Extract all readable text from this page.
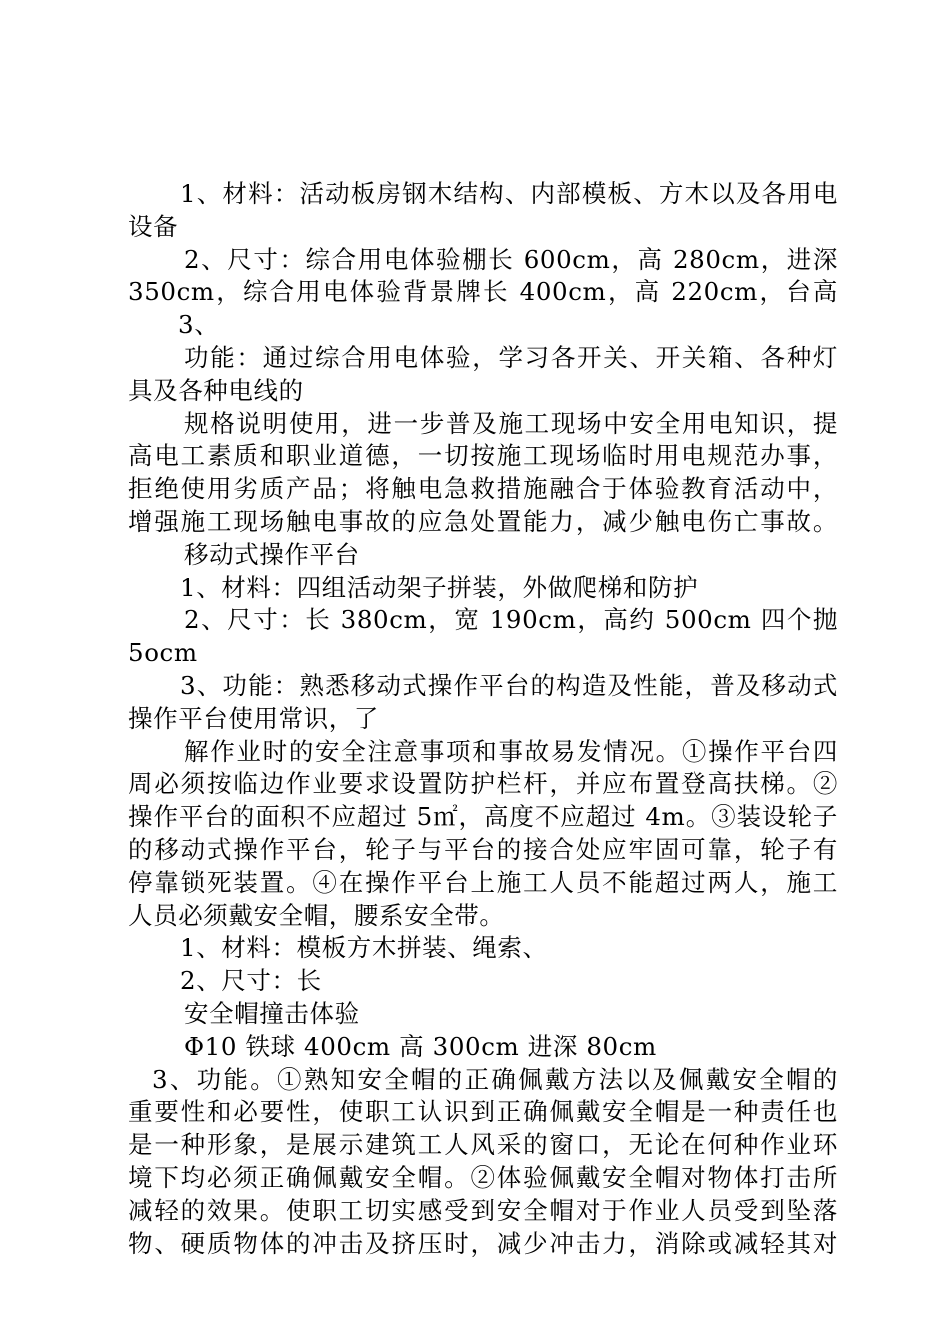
1、材料：活动板房钢木结构、内部模板、方木以及各用电
设备
2、尺寸：综合用电体验棚长 600cm，高 280cm，进深
350cm，综合用电体验背景牌长 400cm，高 220cm，台高
3、
功能：通过综合用电体验，学习各开关、开关箱、各种灯
具及各种电线的
规格说明使用，进一步普及施工现场中安全用电知识，提
高电工素质和职业道德，一切按施工现场临时用电规范办事，
拒绝使用劣质产品；将触电急救措施融合于体验教育活动中，
增强施工现场触电事故的应急处置能力，减少触电伤亡事故。
移动式操作平台
1、材料：四组活动架子拼装，外做爬梯和防护
2、尺寸：长 380cm，宽 190cm，高约 500cm 四个抛
5ocm
3、功能：熟悉移动式操作平台的构造及性能，普及移动式
操作平台使用常识，了
解作业时的安全注意事项和事故易发情况。①操作平台四
周必须按临边作业要求设置防护栏杆，并应布置登高扶梯。②
操作平台的面积不应超过 5㎡，高度不应超过 4m。③装设轮子
的移动式操作平台，轮子与平台的接合处应牢固可靠，轮子有
停靠锁死装置。④在操作平台上施工人员不能超过两人，施工
人员必须戴安全帽，腰系安全带。
1、材料：模板方木拼装、绳索、
2、尺寸：长
安全帽撞击体验
Φ10 铁球 400cm 高 300cm 进深 80cm
3、功能。①熟知安全帽的正确佩戴方法以及佩戴安全帽的
重要性和必要性，使职工认识到正确佩戴安全帽是一种责任也
是一种形象，是展示建筑工人风采的窗口，无论在何种作业环
境下均必须正确佩戴安全帽。②体验佩戴安全帽对物体打击所
减轻的效果。使职工切实感受到安全帽对于作业人员受到坠落
物、硬质物体的冲击及挤压时，减少冲击力，消除或减轻其对
